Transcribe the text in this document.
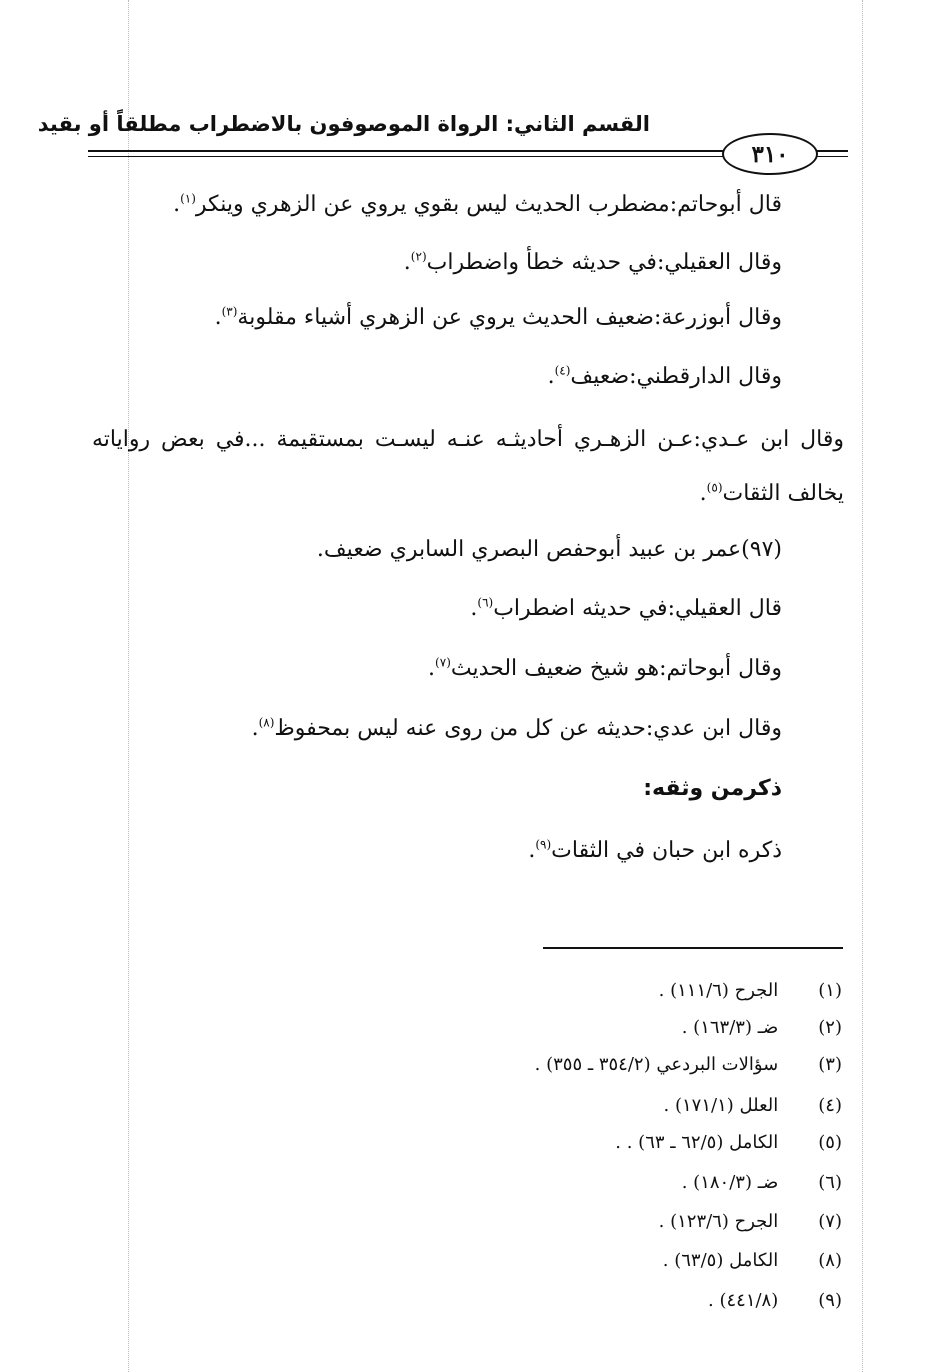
القسم الثاني: الرواة الموصوفون بالاضطراب مطلقاً أو بقيد
٣١٠
قال أبوحاتم:مضطرب الحديث ليس بقوي يروي عن الزهري وينكر$^{(١)}$.
وقال العقيلي:في حديثه خطأ واضطراب$^{(٢)}$.
وقال أبوزرعة:ضعيف الحديث يروي عن الزهري أشياء مقلوبة$^{(٣)}$.
وقال الدارقطني:ضعيف$^{(٤)}$.
وقال ابن عـدي:عـن الزهـري أحاديثـه عنـه ليسـت بمستقيمة ...في بعض رواياته يخالف الثقات$^{(٥)}$.
(٩٧)عمر بن عبيد أبوحفص البصري السابري ضعيف.
قال العقيلي:في حديثه اضطراب$^{(٦)}$.
وقال أبوحاتم:هو شيخ ضعيف الحديث$^{(٧)}$.
وقال ابن عدي:حديثه عن كل من روى عنه ليس بمحفوظ$^{(٨)}$.
ذكرمن وثقه:
ذكره ابن حبان في الثقات$^{(٩)}$.
(١) الجرح (١١١/٦) .
(٢) ضـ (١٦٣/٣) .
(٣) سؤالات البردعي (٣٥٤/٢ ـ ٣٥٥) .
(٤) العلل (١٧١/١) .
(٥) الكامل (٦٢/٥ ـ ٦٣) . .
(٦) ضـ (١٨٠/٣) .
(٧) الجرح (١٢٣/٦) .
(٨) الكامل (٦٣/٥) .
(٩) (٤٤١/٨) .
